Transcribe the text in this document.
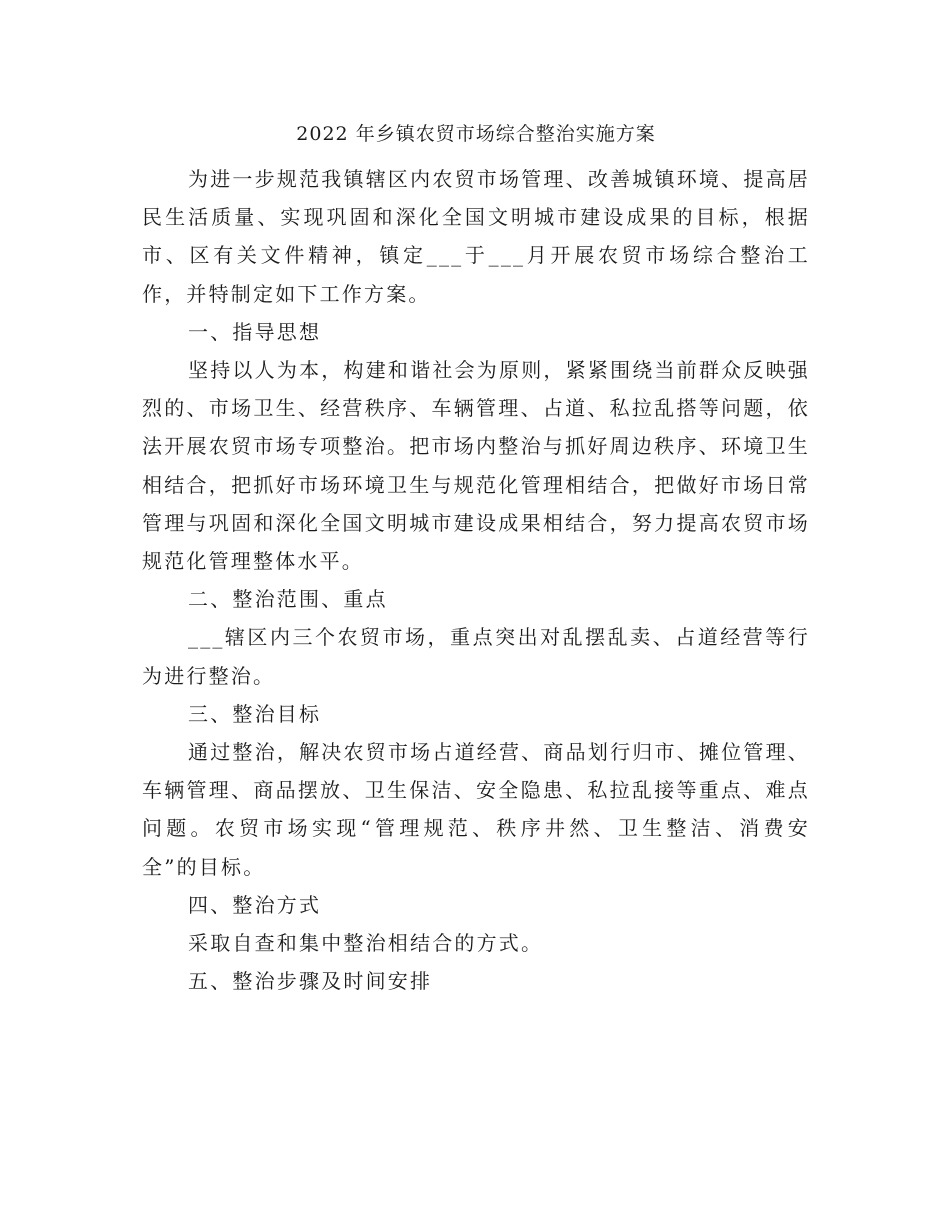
2022 年乡镇农贸市场综合整治实施方案

为进一步规范我镇辖区内农贸市场管理、改善城镇环境、提高居民生活质量、实现巩固和深化全国文明城市建设成果的目标，根据市、区有关文件精神，镇定___于___月开展农贸市场综合整治工作，并特制定如下工作方案。

一、指导思想

坚持以人为本，构建和谐社会为原则，紧紧围绕当前群众反映强烈的、市场卫生、经营秩序、车辆管理、占道、私拉乱搭等问题，依法开展农贸市场专项整治。把市场内整治与抓好周边秩序、环境卫生相结合，把抓好市场环境卫生与规范化管理相结合，把做好市场日常管理与巩固和深化全国文明城市建设成果相结合，努力提高农贸市场规范化管理整体水平。

二、整治范围、重点

___辖区内三个农贸市场，重点突出对乱摆乱卖、占道经营等行为进行整治。

三、整治目标

通过整治，解决农贸市场占道经营、商品划行归市、摊位管理、车辆管理、商品摆放、卫生保洁、安全隐患、私拉乱接等重点、难点问题。农贸市场实现“管理规范、秩序井然、卫生整洁、消费安全”的目标。

四、整治方式

采取自查和集中整治相结合的方式。

五、整治步骤及时间安排
